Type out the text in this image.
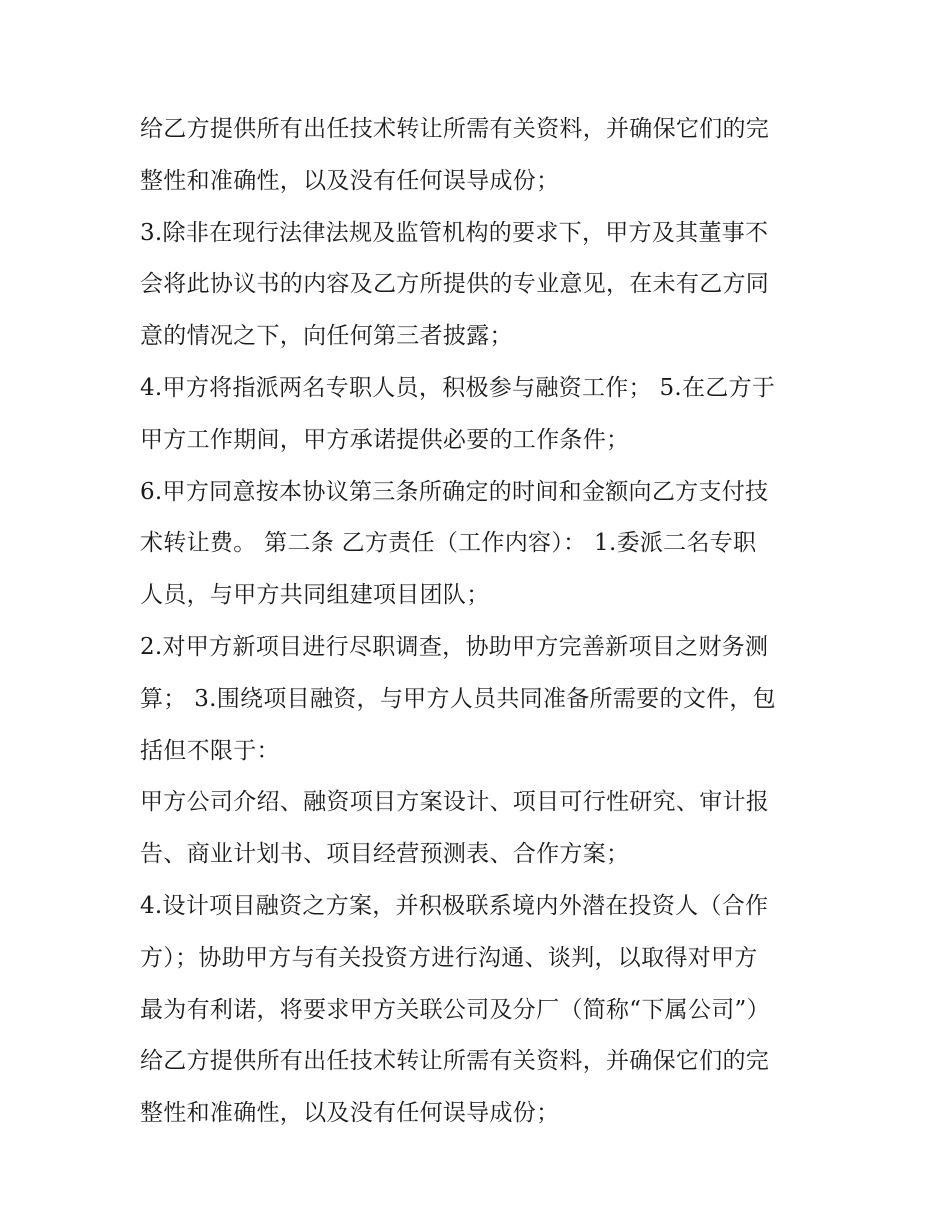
给乙方提供所有出任技术转让所需有关资料，并确保它们的完
整性和准确性，以及没有任何误导成份；
3.除非在现行法律法规及监管机构的要求下，甲方及其董事不
会将此协议书的内容及乙方所提供的专业意见，在未有乙方同
意的情况之下，向任何第三者披露；
4.甲方将指派两名专职人员，积极参与融资工作； 5.在乙方于
甲方工作期间，甲方承诺提供必要的工作条件；
6.甲方同意按本协议第三条所确定的时间和金额向乙方支付技
术转让费。 第二条 乙方责任（工作内容）： 1.委派二名专职
人员，与甲方共同组建项目团队；
2.对甲方新项目进行尽职调查，协助甲方完善新项目之财务测
算； 3.围绕项目融资，与甲方人员共同准备所需要的文件，包
括但不限于：
甲方公司介绍、融资项目方案设计、项目可行性研究、审计报
告、商业计划书、项目经营预测表、合作方案；
4.设计项目融资之方案，并积极联系境内外潜在投资人（合作
方）；协助甲方与有关投资方进行沟通、谈判，以取得对甲方
最为有利诺，将要求甲方关联公司及分厂（简称“下属公司”）
给乙方提供所有出任技术转让所需有关资料，并确保它们的完
整性和准确性，以及没有任何误导成份；
